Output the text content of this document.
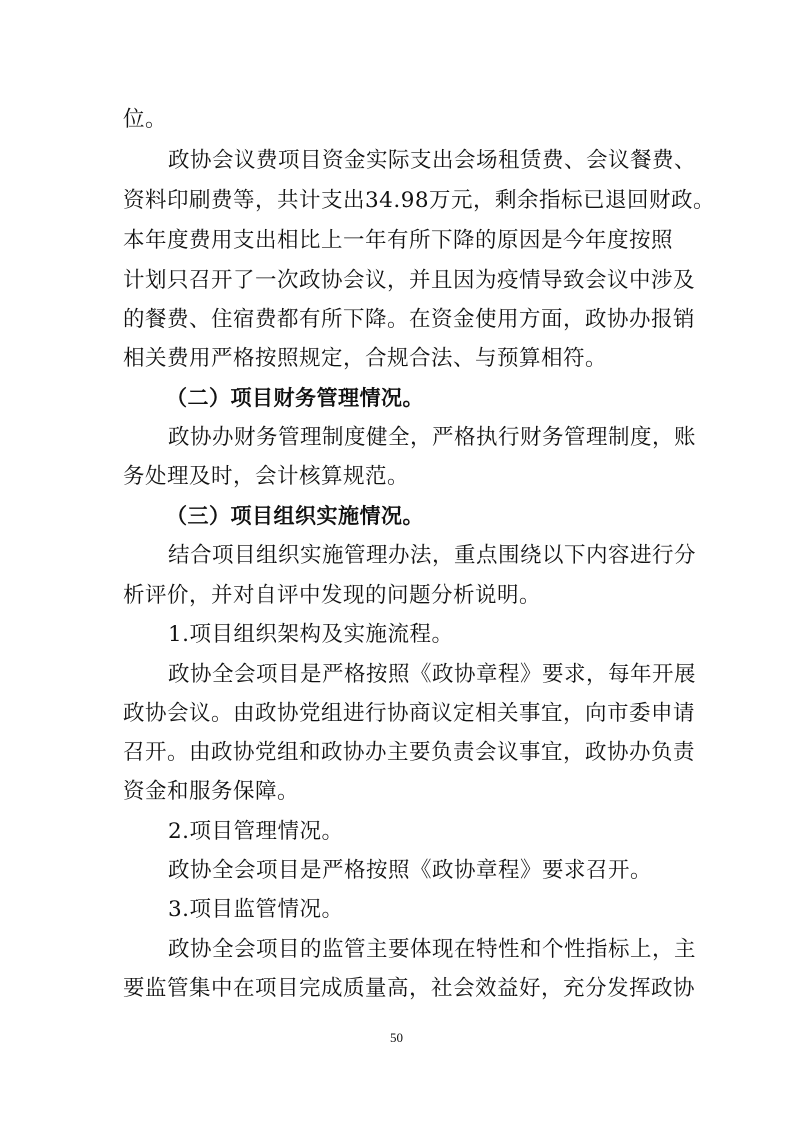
位。
政协会议费项目资金实际支出会场租赁费、会议餐费、
资料印刷费等，共计支出34.98万元，剩余指标已退回财政。
本年度费用支出相比上一年有所下降的原因是今年度按照
计划只召开了一次政协会议，并且因为疫情导致会议中涉及
的餐费、住宿费都有所下降。在资金使用方面，政协办报销
相关费用严格按照规定，合规合法、与预算相符。
（二）项目财务管理情况。
政协办财务管理制度健全，严格执行财务管理制度，账
务处理及时，会计核算规范。
（三）项目组织实施情况。
结合项目组织实施管理办法，重点围绕以下内容进行分
析评价，并对自评中发现的问题分析说明。
1.项目组织架构及实施流程。
政协全会项目是严格按照《政协章程》要求，每年开展
政协会议。由政协党组进行协商议定相关事宜，向市委申请
召开。由政协党组和政协办主要负责会议事宜，政协办负责
资金和服务保障。
2.项目管理情况。
政协全会项目是严格按照《政协章程》要求召开。
3.项目监管情况。
政协全会项目的监管主要体现在特性和个性指标上，主
要监管集中在项目完成质量高，社会效益好，充分发挥政协
50
